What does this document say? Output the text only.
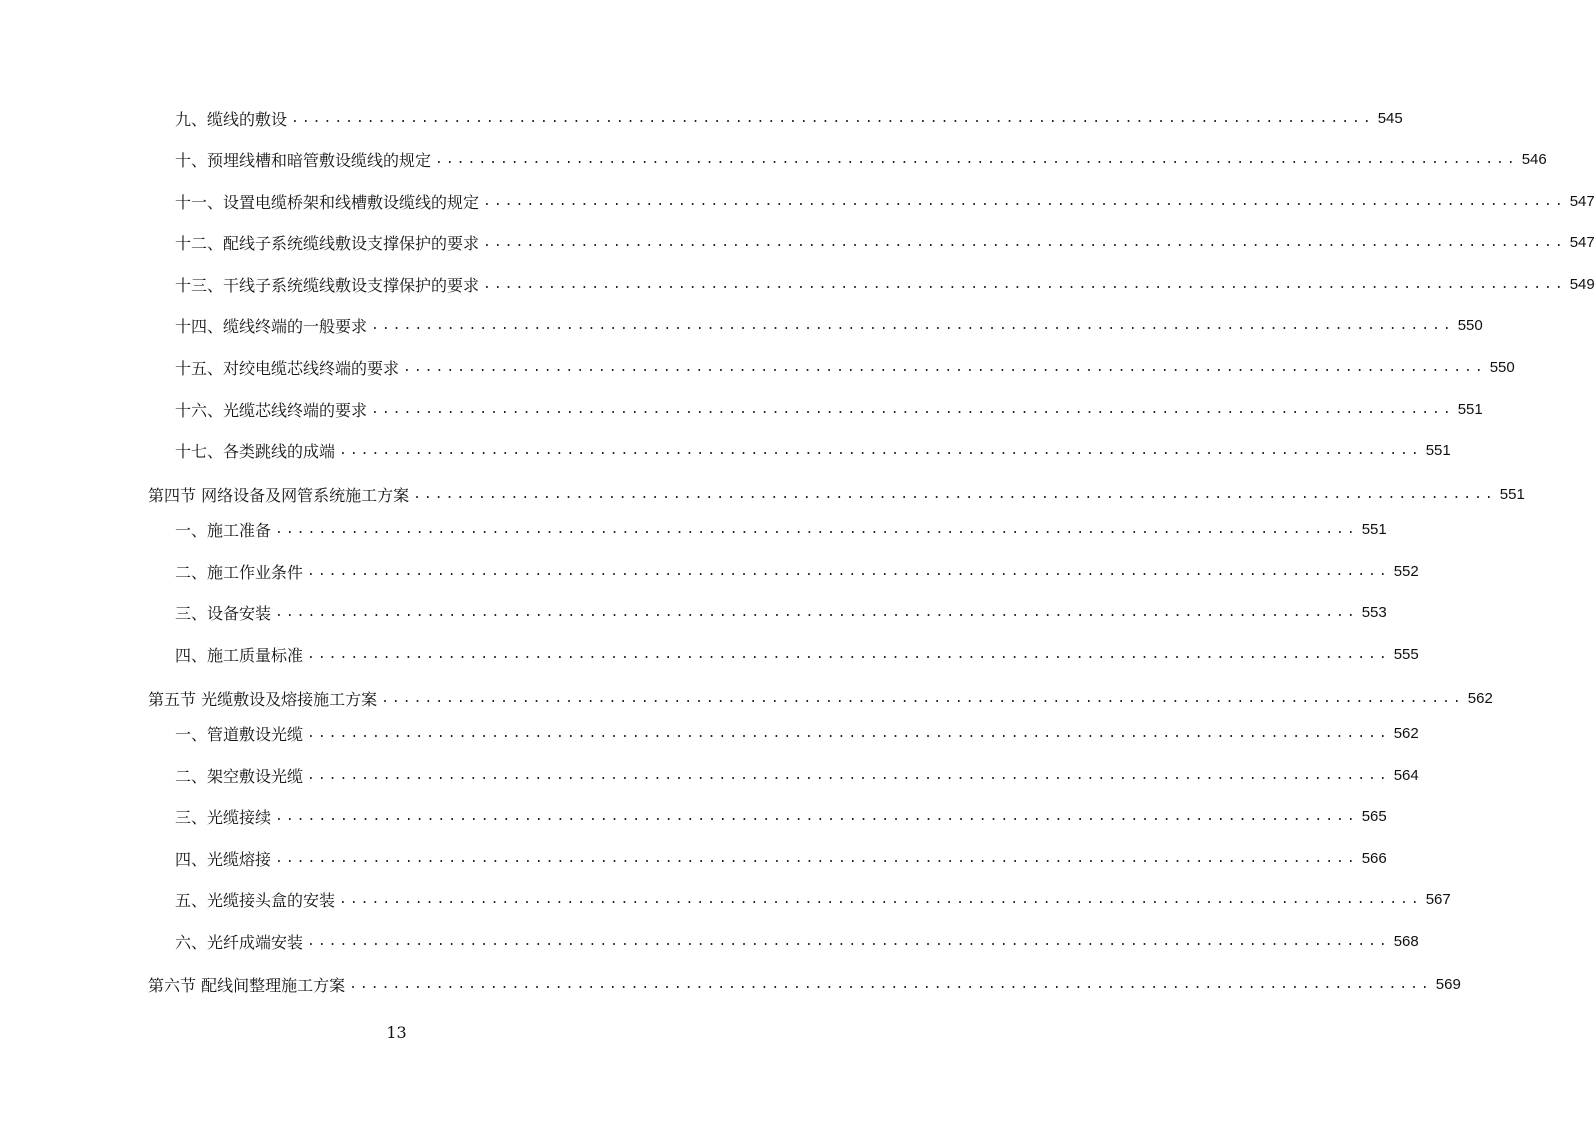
九、缆线的敷设 .................................................................................................... 545
十、预埋线槽和暗管敷设缆线的规定 .................................................................................................... 546
十一、设置电缆桥架和线槽敷设缆线的规定 .................................................................................................... 547
十二、配线子系统缆线敷设支撑保护的要求 .................................................................................................... 547
十三、干线子系统缆线敷设支撑保护的要求 .................................................................................................... 549
十四、缆线终端的一般要求 .................................................................................................... 550
十五、对绞电缆芯线终端的要求 .................................................................................................... 550
十六、光缆芯线终端的要求 .................................................................................................... 551
十七、各类跳线的成端 .................................................................................................... 551
第四节 网络设备及网管系统施工方案 .................................................................................................... 551
一、施工准备 .................................................................................................... 551
二、施工作业条件 .................................................................................................... 552
三、设备安装 .................................................................................................... 553
四、施工质量标准 .................................................................................................... 555
第五节 光缆敷设及熔接施工方案 .................................................................................................... 562
一、管道敷设光缆 .................................................................................................... 562
二、架空敷设光缆 .................................................................................................... 564
三、光缆接续 .................................................................................................... 565
四、光缆熔接 .................................................................................................... 566
五、光缆接头盒的安装 .................................................................................................... 567
六、光纤成端安装 .................................................................................................... 568
第六节 配线间整理施工方案 .................................................................................................... 569
13
